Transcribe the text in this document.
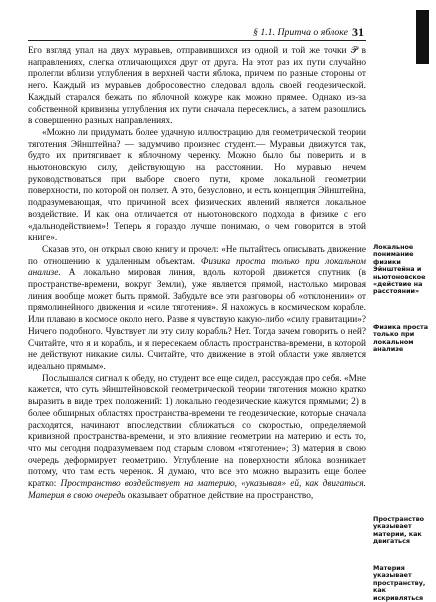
§ 1.1. Притча о яблоке 31

Его взгляд упал на двух муравьев, отправившихся из одной и той же точки 𝒫 в направлениях, слегка отличающихся друг от друга. На этот раз их пути случайно пролегли вблизи углубления в верхней части яблока, причем по разные стороны от него. Каждый из муравьев добросовестно следовал вдоль своей геодезической. Каждый старался бежать по яблочной кожуре как можно прямее. Однако из-за собственной кривизны углубления их пути сначала пересеклись, а затем разошлись в совершенно разных направлениях.

«Можно ли придумать более удачную иллюстрацию для геометрической теории тяготения Эйнштейна? — задумчиво произнес студент.— Муравьи движутся так, будто их притягивает к яблочному черенку. Можно было бы поверить и в ньютоновскую силу, действующую на расстоянии. Но муравью нечем руководствоваться при выборе своего пути, кроме локальной геометрии поверхности, по которой он ползет. А это, безусловно, и есть концепция Эйнштейна, подразумевающая, что причиной всех физических явлений является локальное воздействие. И как она отличается от ньютоновского подхода в физике с его «дальнодействием»! Теперь я гораздо лучше понимаю, о чем говорится в этой книге».

Сказав это, он открыл свою книгу и прочел: «Не пытайтесь описывать движение по отношению к удаленным объектам. Физика проста только при локальном анализе. А локально мировая линия, вдоль которой движется спутник (в пространстве-времени, вокруг Земли), уже является прямой, настолько мировая линия вообще может быть прямой. Забудьте все эти разговоры об «отклонении» от прямолинейного движения и «силе тяготения». Я нахожусь в космическом корабле. Или плаваю в космосе около него. Разве я чувствую какую-либо «силу гравитации»? Ничего подобного. Чувствует ли эту силу корабль? Нет. Тогда зачем говорить о ней? Считайте, что я и корабль, и я пересекаем область пространства-времени, в которой не действуют никакие силы. Считайте, что движение в этой области уже является идеально прямым».

Послышался сигнал к обеду, но студент все еще сидел, рассуждая про себя. «Мне кажется, что суть эйнштейновской геометрической теории тяготения можно кратко выразить в виде трех положений: 1) локально геодезические кажутся прямыми; 2) в более обширных областях пространства-времени те геодезические, которые сначала расходятся, начинают впоследствии сближаться со скоростью, определяемой кривизной пространства-времени, и это влияние геометрии на материю и есть то, что мы сегодня подразумеваем под старым словом «тяготение»; 3) материя в свою очередь деформирует геометрию. Углубление на поверхности яблока возникает потому, что там есть черенок. Я думаю, что все это можно выразить еще более кратко: Пространство воздействует на материю, «указывая» ей, как двигаться. Материя в свою очередь оказывает обратное действие на пространство,

Локальное понимание физики Эйнштейна и ньютоновское «действие на расстоянии»
Физика проста только при локальном анализе
Пространство указывает материи, как двигаться
Материя указывает пространству, как искривляться
